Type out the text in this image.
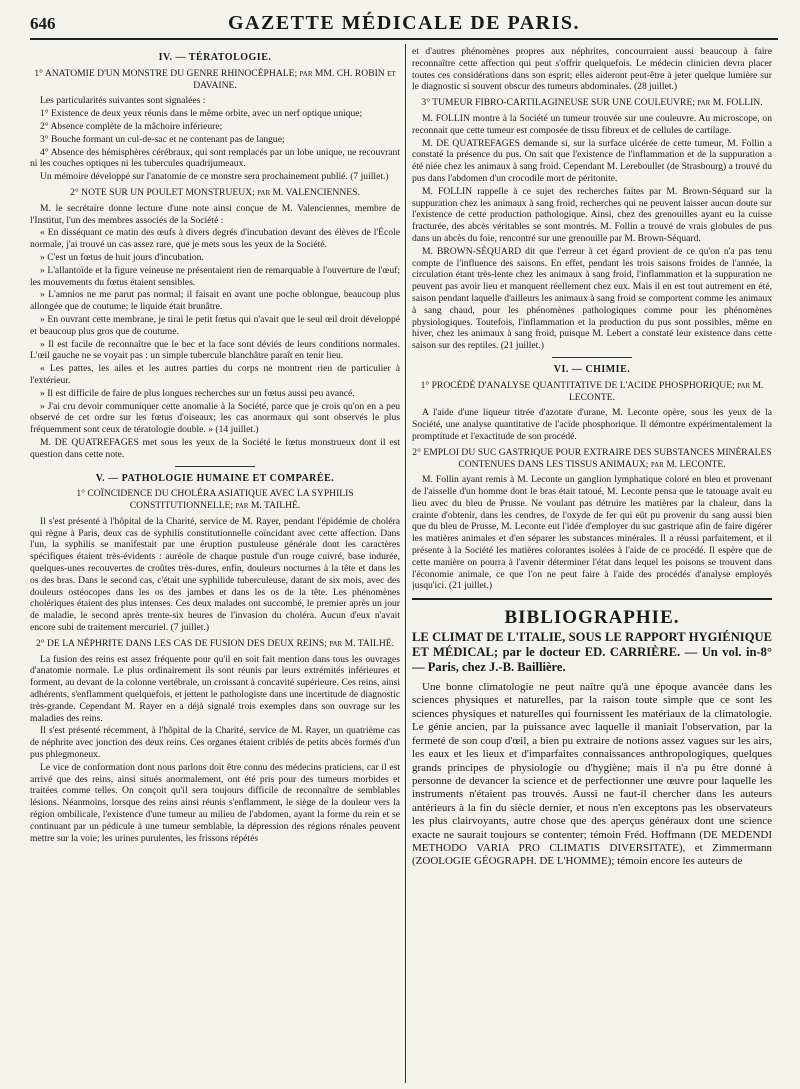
646	GAZETTE MÉDICALE DE PARIS.
IV. — TÉRATOLOGIE.
1° ANATOMIE D'UN MONSTRE DU GENRE RHINOCÉPHALE; par MM. CH. ROBIN et DAVAINE.

Les particularités suivantes sont signalées :

1° Existence de deux yeux réunis dans le même orbite, avec un nerf optique unique;

2° Absence complète de la mâchoire inférieure;

3° Bouche formant un cul-de-sac et ne contenant pas de langue;

4° Absence des hémisphères cérébraux, qui sont remplacés par un lobe unique, ne recouvrant ni les couches optiques ni les tubercules quadrijumeaux.

Un mémoire développé sur l'anatomie de ce monstre sera prochainement publié. (7 juillet.)

2° NOTE SUR UN POULET MONSTRUEUX; par M. VALENCIENNES.

M. le secrétaire donne lecture d'une note ainsi conçue de M. Valenciennes, membre de l'Institut, l'un des membres associés de la Société :

« En disséquant ce matin des œufs à divers degrés d'incubation devant des élèves de l'École normale, j'ai trouvé un cas assez rare, que je mets sous les yeux de la Société.

» C'est un fœtus de huit jours d'incubation.

» L'allantoïde et la figure veineuse ne présentaient rien de remarquable à l'ouverture de l'œuf; les mouvements du fœtus étaient sensibles.

» L'amnios ne me parut pas normal; il faisait en avant une poche oblongue, beaucoup plus allongée que de coutume; le liquide était brunâtre.

» En ouvrant cette membrane, je tirai le petit fœtus qui n'avait que le seul œil droit développé et beaucoup plus gros que de coutume.

» Il est facile de reconnaître que le bec et la face sont déviés de leurs conditions normales. L'œil gauche ne se voyait pas : un simple tubercule blanchâtre paraît en tenir lieu.

« Les pattes, les ailes et les autres parties du corps ne montrent rien de particulier à l'extérieur.

» Il est difficile de faire de plus longues recherches sur un fœtus aussi peu avancé.

» J'ai cru devoir communiquer cette anomalie à la Société, parce que je crois qu'on en a peu observé de cet ordre sur les fœtus d'oiseaux; les cas anormaux qui sont observés le plus fréquemment sont ceux de tératologie double. » (14 juillet.)

M. DE QUATREFAGES met sous les yeux de la Société le fœtus monstrueux dont il est question dans cette note.

V. — PATHOLOGIE HUMAINE ET COMPARÉE.
1° COÏNCIDENCE DU CHOLÉRA ASIATIQUE AVEC LA SYPHILIS CONSTITUTIONNELLE; par M. TAILHÉ.

Il s'est présenté à l'hôpital de la Charité, service de M. Rayer, pendant l'épidémie de choléra qui règne à Paris, deux cas de syphilis constitutionnelle coïncidant avec cette affection. Dans l'un, la syphilis se manifestait par une éruption pustuleuse générale dont les caractères spécifiques étaient très-évidents : auréole de chaque pustule d'un rouge cuivré, base indurée, quelques-unes recouvertes de croûtes très-dures, enfin, douleurs nocturnes à la tête et dans les os des bras. Dans le second cas, c'était une syphilide tuberculeuse, datant de six mois, avec des douleurs ostéocopes dans les os des jambes et dans les os de la tête. Les phénomènes cholériques étaient des plus intenses. Ces deux malades ont succombé, le premier après un jour de maladie, le second après trente-six heures de l'invasion du choléra. Aucun d'eux n'avait encore subi de traitement mercuriel. (7 juillet.)

2° DE LA NÉPHRITE DANS LES CAS DE FUSION DES DEUX REINS; par M. TAILHÉ.

La fusion des reins est assez fréquente pour qu'il en soit fait mention dans tous les ouvrages d'anatomie normale. Le plus ordinairement ils sont réunis par leurs extrémités inférieures et forment, au devant de la colonne vertébrale, un croissant à concavité supérieure. Ces reins, ainsi adhérents, s'enflamment quelquefois, et jettent le pathologiste dans une incertitude de diagnostic très-grande. Cependant M. Rayer en a déjà signalé trois exemples dans son ouvrage sur les maladies des reins.

Il s'est présenté récemment, à l'hôpital de la Charité, service de M. Rayer, un quatrième cas de néphrite avec jonction des deux reins. Ces organes étaient criblés de petits abcès formés d'un pus phlegmoneux.

Le vice de conformation dont nous parlons doit être connu des médecins praticiens, car il est arrivé que des reins, ainsi situés anormalement, ont été pris pour des tumeurs morbides et traitées comme telles. On conçoit qu'il sera toujours difficile de reconnaître de semblables lésions. Néanmoins, lorsque des reins ainsi réunis s'enflamment, le siège de la douleur vers la région ombilicale, l'existence d'une tumeur au milieu de l'abdomen, ayant la forme du rein et se continuant par un pédicule à une tumeur semblable, la dépression des régions rénales peuvent mettre sur la voie; les urines purulentes, les frissons répétés

et d'autres phénomènes propres aux néphrites, concourraient aussi beaucoup à faire reconnaître cette affection qui peut s'offrir quelquefois. Le médecin clinicien devra placer toutes ces considérations dans son esprit; elles aideront peut-être à jeter quelque lumière sur le diagnostic si souvent obscur des tumeurs abdominales. (28 juillet.)

3° TUMEUR FIBRO-CARTILAGINEUSE SUR UNE COULEUVRE; par M. FOLLIN.

M. FOLLIN montre à la Société un tumeur trouvée sur une couleuvre. Au microscope, on reconnait que cette tumeur est composée de tissu fibreux et de cellules de cartilage.

M. DE QUATREFAGES demande si, sur la surface ulcérée de cette tumeur, M. Follin a constaté la présence du pus. On sait que l'existence de l'inflammation et de la suppuration a été niée chez les animaux à sang froid. Cependant M. Lereboullet (de Strasbourg) a trouvé du pus dans l'abdomen d'un crocodile mort de péritonite.

M. FOLLIN rappelle à ce sujet des recherches faites par M. Brown-Séquard sur la suppuration chez les animaux à sang froid, recherches qui ne peuvent laisser aucun doute sur l'existence de cette production pathologique. Ainsi, chez des grenouilles ayant eu la cuisse fracturée, des abcès véritables se sont montrés. M. Follin a trouvé de vrais globules de pus dans un abcès du foie, rencontré sur une grenouille par M. Brown-Séquard.

M. BROWN-SÉQUARD dit que l'erreur à cet égard provient de ce qu'on n'a pas tenu compte de l'influence des saisons. En effet, pendant les trois saisons froides de l'année, la circulation étant très-lente chez les animaux à sang froid, l'inflammation et la suppuration ne peuvent pas avoir lieu et manquent réellement chez eux. Mais il en est tout autrement en été, saison pendant laquelle d'ailleurs les animaux à sang froid se comportent comme les animaux à sang chaud, pour les phénomènes pathologiques comme pour les phénomènes physiologiques. Toutefois, l'inflammation et la production du pus sont possibles, même en hiver, chez les animaux à sang froid, puisque M. Lebert a constaté leur existence dans cette saison sur des reptiles. (21 juillet.)

VI. — CHIMIE.
1° PROCÉDÉ D'ANALYSE QUANTITATIVE DE L'ACIDE PHOSPHORIQUE; par M. LECONTE.

A l'aide d'une liqueur titrée d'azotate d'urane, M. Leconte opère, sous les yeux de la Société, une analyse quantitative de l'acide phosphorique. Il démontre expérimentalement la promptitude et l'exactitude de son procédé.

2° EMPLOI DU SUC GASTRIQUE POUR EXTRAIRE DES SUBSTANCES MINÉRALES CONTENUES DANS LES TISSUS ANIMAUX; par M. LECONTE.

M. Follin ayant remis à M. Leconte un ganglion lymphatique coloré en bleu et provenant de l'aisselle d'un homme dont le bras était tatoué, M. Leconte pensa que le tatouage avait eu lieu avec du bleu de Prusse. Ne voulant pas détruire les matières par la chaleur, dans la crainte d'obtenir, dans les cendres, de l'oxyde de fer qui eût pu provenir du sang aussi bien que du bleu de Prusse, M. Leconte eut l'idée d'employer du suc gastrique afin de faire digérer les matières animales et d'en séparer les substances minérales. Il a réussi parfaitement, et il présente à la Société les matières colorantes isolées à l'aide de ce procédé. Il espère que de cette manière on pourra à l'avenir déterminer l'état dans lequel les poisons se trouvent dans l'économie animale, ce que l'on ne peut faire à l'aide des procédés d'analyse employés jusqu'ici. (21 juillet.)

BIBLIOGRAPHIE.
LE CLIMAT DE L'ITALIE, SOUS LE RAPPORT HYGIÉNIQUE ET MÉDICAL; par le docteur ED. CARRIÈRE. — Un vol. in-8° — Paris, chez J.-B. Baillière.

Une bonne climatologie ne peut naître qu'à une époque avancée dans les sciences physiques et naturelles, par la raison toute simple que ce sont les sciences physiques et naturelles qui fournissent les matériaux de la climatologie. Le génie ancien, par la puissance avec laquelle il maniait l'observation, par la fermeté de son coup d'œil, a bien pu extraire de notions assez vagues sur les airs, les eaux et les lieux et d'imparfaites connaissances anthropologiques, quelques grands principes de physiologie ou d'hygiène; mais il n'a pu être donné à personne de devancer la science et de perfectionner une œuvre pour laquelle les instruments n'étaient pas trouvés. Aussi ne faut-il chercher dans les auteurs antérieurs à la fin du siècle dernier, et nous n'en exceptons pas les observateurs les plus clairvoyants, autre chose que des aperçus généraux dont une science exacte ne saurait toujours se contenter; témoin Fréd. Hoffmann (DE MEDENDI METHODO VARIA PRO CLIMATIS DIVERSITATE), et Zimmermann (ZOOLOGIE GÉOGRAPH. DE L'HOMME); témoin encore les auteurs de
